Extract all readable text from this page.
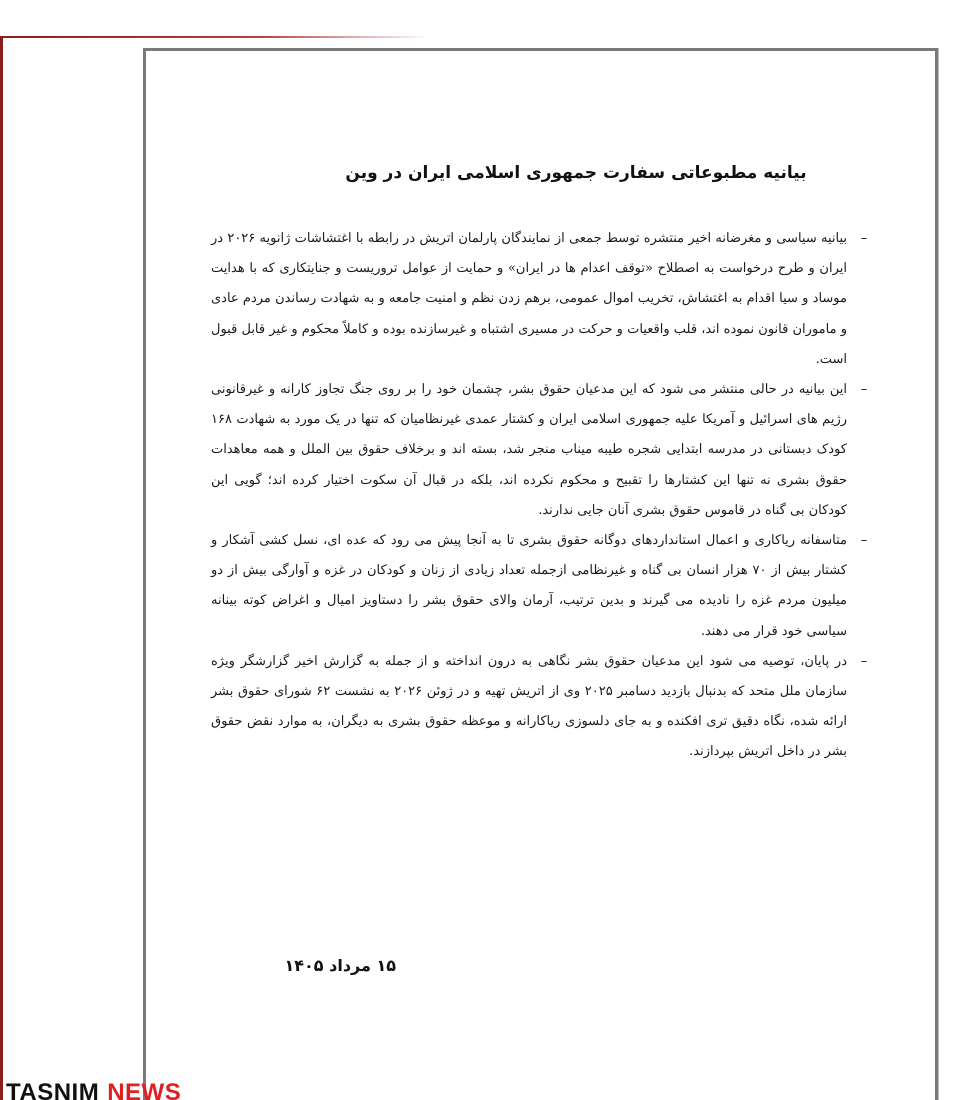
بیانیه مطبوعاتی سفارت جمهوری اسلامی ایران در وین
–
بیانیه سیاسی و مغرضانه اخیر منتشره توسط جمعی از نمایندگان پارلمان اتریش در رابطه با اغتشاشات ژانویه ۲۰۲۶ در ایران و طرح درخواست به اصطلاح «توقف اعدام ها در ایران» و حمایت از عوامل تروریست و جنایتکاری که با هدایت موساد و سیا اقدام به اغتشاش، تخریب اموال عمومی، برهم زدن نظم و امنیت جامعه و به شهادت رساندن مردم عادی و ماموران قانون نموده اند، قلب واقعیات و حرکت در مسیری اشتباه و غیرسازنده بوده و کاملاً محکوم و غیر قابل قبول است.
–
این بیانیه در حالی منتشر می شود که این مدعیان حقوق بشر، چشمان خود را بر روی جنگ تجاوز کارانه و غیرقانونی رژیم های اسرائیل و آمریکا علیه جمهوری اسلامی ایران و کشتار عمدی غیرنظامیان که تنها در یک مورد به شهادت ۱۶۸ کودک دبستانی در مدرسه ابتدایی شجره طیبه میناب منجر شد، بسته اند و برخلاف حقوق بین الملل و همه معاهدات حقوق بشری نه تنها این کشتارها را تقبیح و محکوم نکرده اند، بلکه در قبال آن سکوت اختیار کرده اند؛ گویی این کودکان بی گناه در قاموس حقوق بشری آنان جایی ندارند.
–
متاسفانه ریاکاری و اعمال استانداردهای دوگانه حقوق بشری تا به آنجا پیش می رود که عده ای، نسل کشی آشکار و کشتار بیش از ۷۰ هزار انسان بی گناه و غیرنظامی ازجمله تعداد زیادی از زنان و کودکان در غزه و آوارگی بیش از دو میلیون مردم غزه را نادیده می گیرند و بدین ترتیب، آرمان والای حقوق بشر را دستاویز امیال و اغراض کوته بینانه سیاسی خود قرار می دهند.
–
در پایان، توصیه می شود این مدعیان حقوق بشر نگاهی به درون انداخته و از جمله به گزارش اخیر گزارشگر ویژه سازمان ملل متحد که بدنبال بازدید دسامبر ۲۰۲۵ وی از اتریش تهیه و در ژوئن ۲۰۲۶ به نشست ۶۲ شورای حقوق بشر ارائه شده، نگاه دقیق تری افکنده و به جای دلسوزی ریاکارانه و موعظه حقوق بشری به دیگران، به موارد نقض حقوق بشر در داخل اتریش بپردازند.
۱۵ مرداد ۱۴۰۵
TASNIM NEWS
